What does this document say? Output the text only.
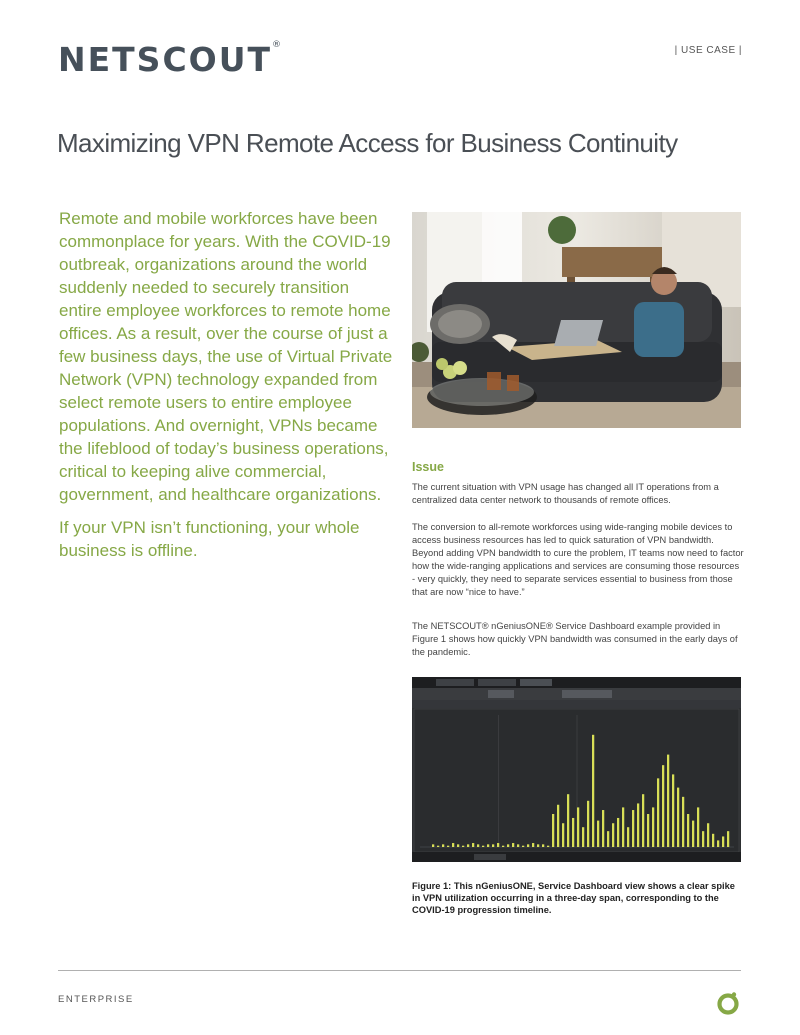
NETSCOUT®	| USE CASE |
Maximizing VPN Remote Access for Business Continuity

Remote and mobile workforces have been commonplace for years. With the COVID-19 outbreak, organizations around the world suddenly needed to securely transition entire employee workforces to remote home offices. As a result, over the course of just a few business days, the use of Virtual Private Network (VPN) technology expanded from select remote users to entire employee populations. And overnight, VPNs became the lifeblood of today’s business operations, critical to keeping alive commercial, government, and healthcare organizations.

If your VPN isn’t functioning, your whole business is offline.

Issue

The current situation with VPN usage has changed all IT operations from a centralized data center network to thousands of remote offices.

The conversion to all-remote workforces using wide-ranging mobile devices to access business resources has led to quick saturation of VPN bandwidth. Beyond adding VPN bandwidth to cure the problem, IT teams now need to factor how the wide-ranging applications and services are consuming those resources - very quickly, they need to separate services essential to business from those that are now “nice to have.”

The NETSCOUT® nGeniusONE® Service Dashboard example provided in Figure 1 shows how quickly VPN bandwidth was consumed in the early days of the pandemic.

Figure 1: This nGeniusONE, Service Dashboard view shows a clear spike in VPN utilization occurring in a three-day span, corresponding to the COVID-19 progression timeline.

ENTERPRISE
